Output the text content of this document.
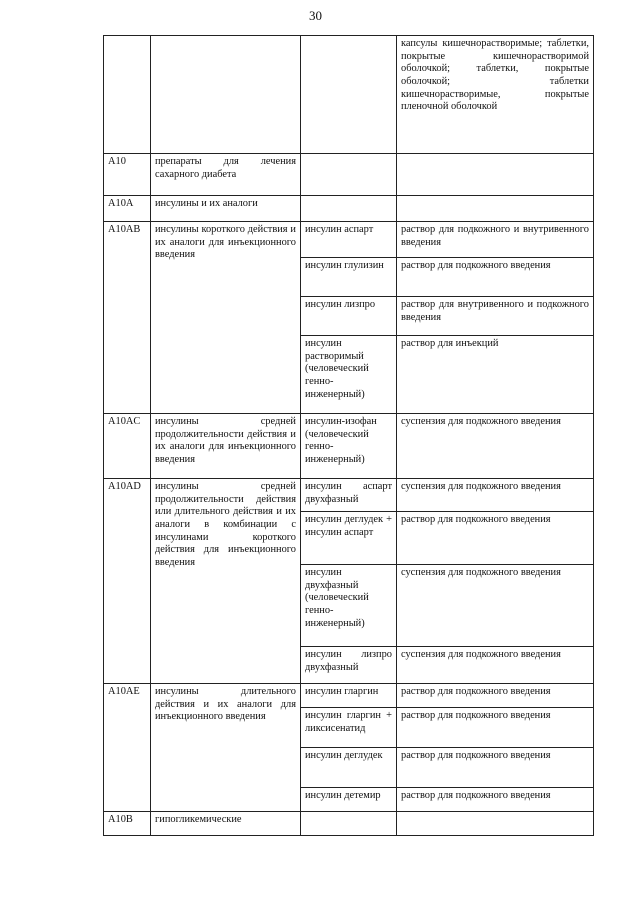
30
			капсулы кишечнорастворимые; таблетки, покрытые кишечнорастворимой оболочкой; таблетки, покрытые оболочкой; таблетки кишечнорастворимые, покрытые пленочной оболочкой
A10	препараты для лечения сахарного диабета		
A10A	инсулины и их аналоги		
A10AB	инсулины короткого действия и их аналоги для инъекционного введения	инсулин аспарт	раствор для подкожного и внутривенного введения
		инсулин глулизин	раствор для подкожного введения
		инсулин лизпро	раствор для внутривенного и подкожного введения
		инсулин растворимый (человеческий генно-инженерный)	раствор для инъекций
A10AC	инсулины средней продолжительности действия и их аналоги для инъекционного введения	инсулин-изофан (человеческий генно-инженерный)	суспензия для подкожного введения
A10AD	инсулины средней продолжительности действия или длительного действия и их аналоги в комбинации с инсулинами короткого действия для инъекционного введения	инсулин аспарт двухфазный	суспензия для подкожного введения
		инсулин деглудек + инсулин аспарт	раствор для подкожного введения
		инсулин двухфазный (человеческий генно-инженерный)	суспензия для подкожного введения
		инсулин лизпро двухфазный	суспензия для подкожного введения
A10AE	инсулины длительного действия и их аналоги для инъекционного введения	инсулин гларгин	раствор для подкожного введения
		инсулин гларгин + ликсисенатид	раствор для подкожного введения
		инсулин деглудек	раствор для подкожного введения
		инсулин детемир	раствор для подкожного введения
A10B	гипогликемические		
